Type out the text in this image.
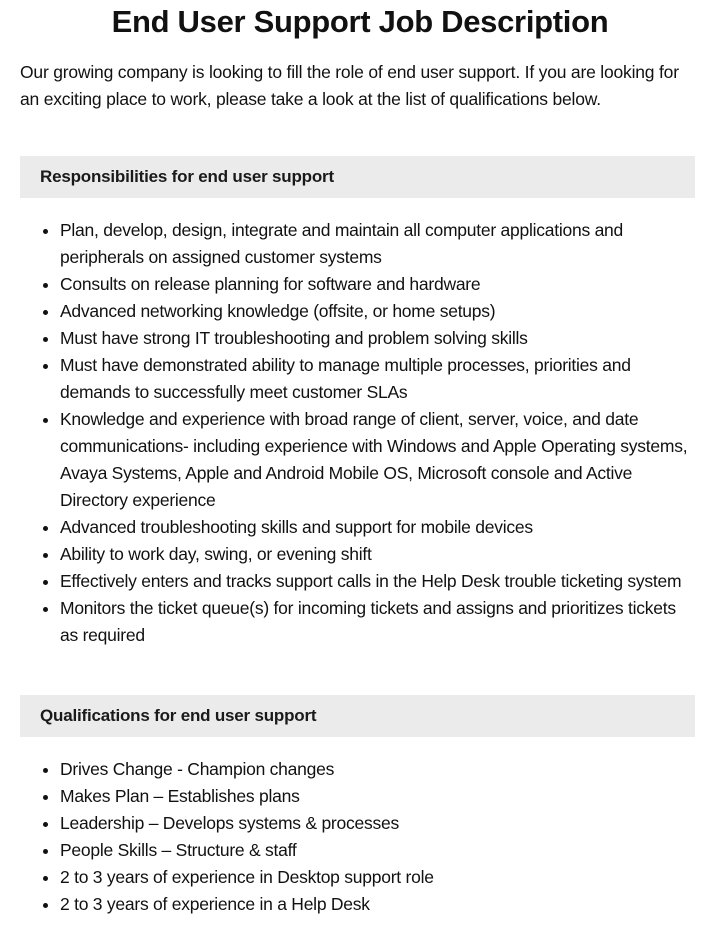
End User Support Job Description

Our growing company is looking to fill the role of end user support. If you are looking for an exciting place to work, please take a look at the list of qualifications below.

Responsibilities for end user support
• Plan, develop, design, integrate and maintain all computer applications and peripherals on assigned customer systems
• Consults on release planning for software and hardware
• Advanced networking knowledge (offsite, or home setups)
• Must have strong IT troubleshooting and problem solving skills
• Must have demonstrated ability to manage multiple processes, priorities and demands to successfully meet customer SLAs
• Knowledge and experience with broad range of client, server, voice, and date communications- including experience with Windows and Apple Operating systems, Avaya Systems, Apple and Android Mobile OS, Microsoft console and Active Directory experience
• Advanced troubleshooting skills and support for mobile devices
• Ability to work day, swing, or evening shift
• Effectively enters and tracks support calls in the Help Desk trouble ticketing system
• Monitors the ticket queue(s) for incoming tickets and assigns and prioritizes tickets as required
Qualifications for end user support
• Drives Change - Champion changes
• Makes Plan – Establishes plans
• Leadership – Develops systems & processes
• People Skills – Structure & staff
• 2 to 3 years of experience in Desktop support role
• 2 to 3 years of experience in a Help Desk
